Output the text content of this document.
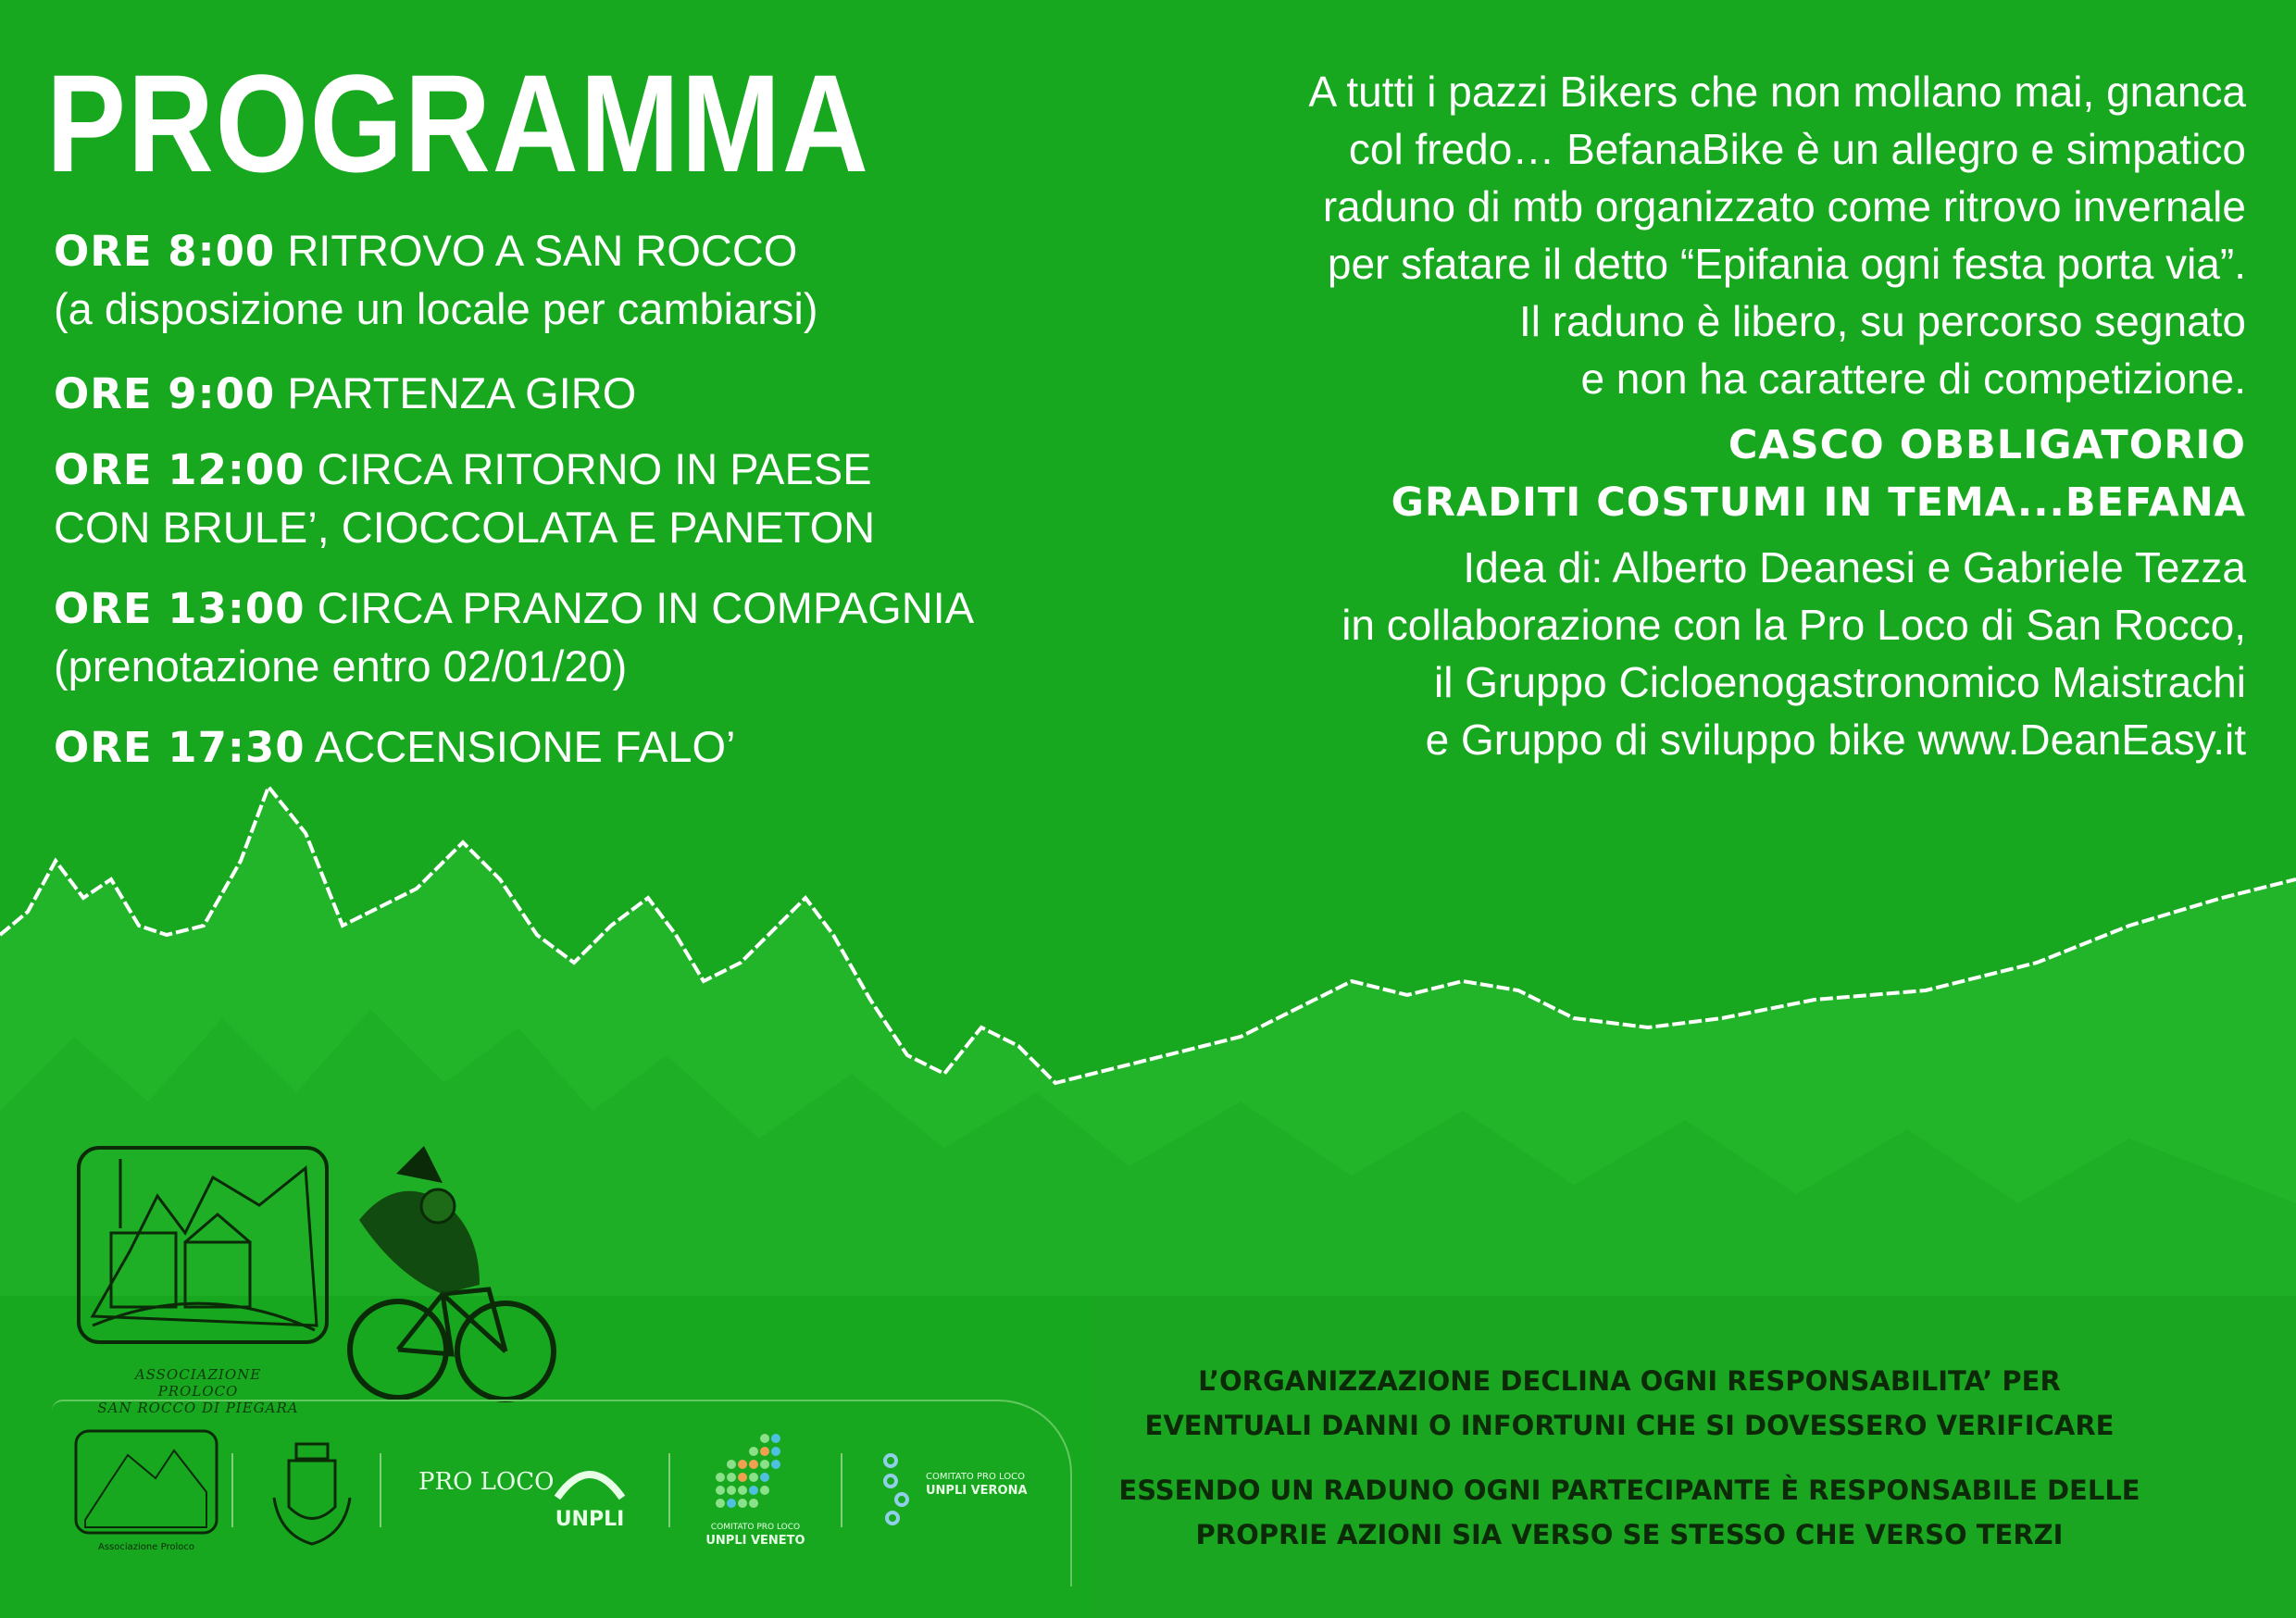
PROGRAMMA
ORE 8:00 RITROVO A SAN ROCCO
(a disposizione un locale per cambiarsi)
ORE 9:00 PARTENZA GIRO
ORE 12:00 CIRCA RITORNO IN PAESE
CON BRULE’, CIOCCOLATA E PANETON
ORE 13:00 CIRCA PRANZO IN COMPAGNIA
(prenotazione entro 02/01/20)
ORE 17:30 ACCENSIONE FALO’
A tutti i pazzi Bikers che non mollano mai, gnanca
col fredo… BefanaBike è un allegro e simpatico
raduno di mtb organizzato come ritrovo invernale
per sfatare il detto “Epifania ogni festa porta via”.
Il raduno è libero, su percorso segnato
e non ha carattere di competizione.
CASCO OBBLIGATORIO
GRADITI COSTUMI IN TEMA...BEFANA
Idea di: Alberto Deanesi e Gabriele Tezza
in collaborazione con la Pro Loco di San Rocco,
il Gruppo Cicloenogastronomico Maistrachi
e Gruppo di sviluppo bike www.DeanEasy.it
L’ORGANIZZAZIONE DECLINA OGNI RESPONSABILITA’ PER
EVENTUALI DANNI O INFORTUNI CHE SI DOVESSERO VERIFICARE
ESSENDO UN RADUNO OGNI PARTECIPANTE È RESPONSABILE DELLE
PROPRIE AZIONI SIA VERSO SE STESSO CHE VERSO TERZI
ASSOCIAZIONE PROLOCO
SAN ROCCO DI PIEGARA
Associazione Proloco
PRO LOCO
UNPLI	COMITATO PRO LOCO
UNPLI VENETO
COMITATO PRO LOCO
UNPLI VERONA
